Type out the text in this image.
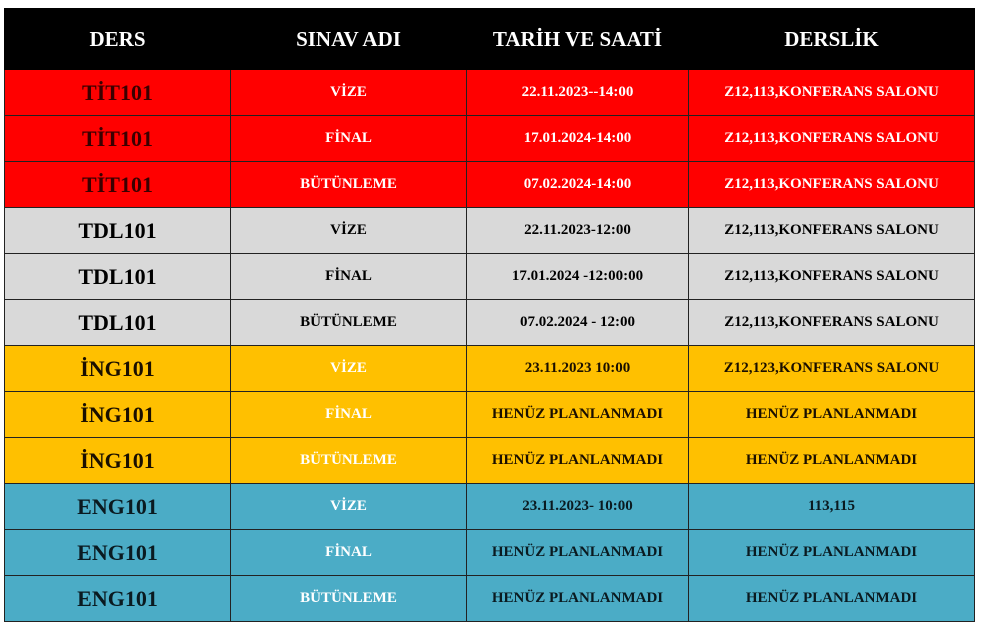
DERS	SINAV ADI	TARİH VE SAATİ	DERSLİK
TİT101	VİZE	22.11.2023--14:00	Z12,113,KONFERANS SALONU
TİT101	FİNAL	17.01.2024-14:00	Z12,113,KONFERANS SALONU
TİT101	BÜTÜNLEME	07.02.2024-14:00	Z12,113,KONFERANS SALONU
TDL101	VİZE	22.11.2023-12:00	Z12,113,KONFERANS SALONU
TDL101	FİNAL	17.01.2024 -12:00:00	Z12,113,KONFERANS SALONU
TDL101	BÜTÜNLEME	07.02.2024 - 12:00	Z12,113,KONFERANS SALONU
İNG101	VİZE	23.11.2023 10:00	Z12,123,KONFERANS SALONU
İNG101	FİNAL	HENÜZ PLANLANMADI	HENÜZ PLANLANMADI
İNG101	BÜTÜNLEME	HENÜZ PLANLANMADI	HENÜZ PLANLANMADI
ENG101	VİZE	23.11.2023- 10:00	113,115
ENG101	FİNAL	HENÜZ PLANLANMADI	HENÜZ PLANLANMADI
ENG101	BÜTÜNLEME	HENÜZ PLANLANMADI	HENÜZ PLANLANMADI
